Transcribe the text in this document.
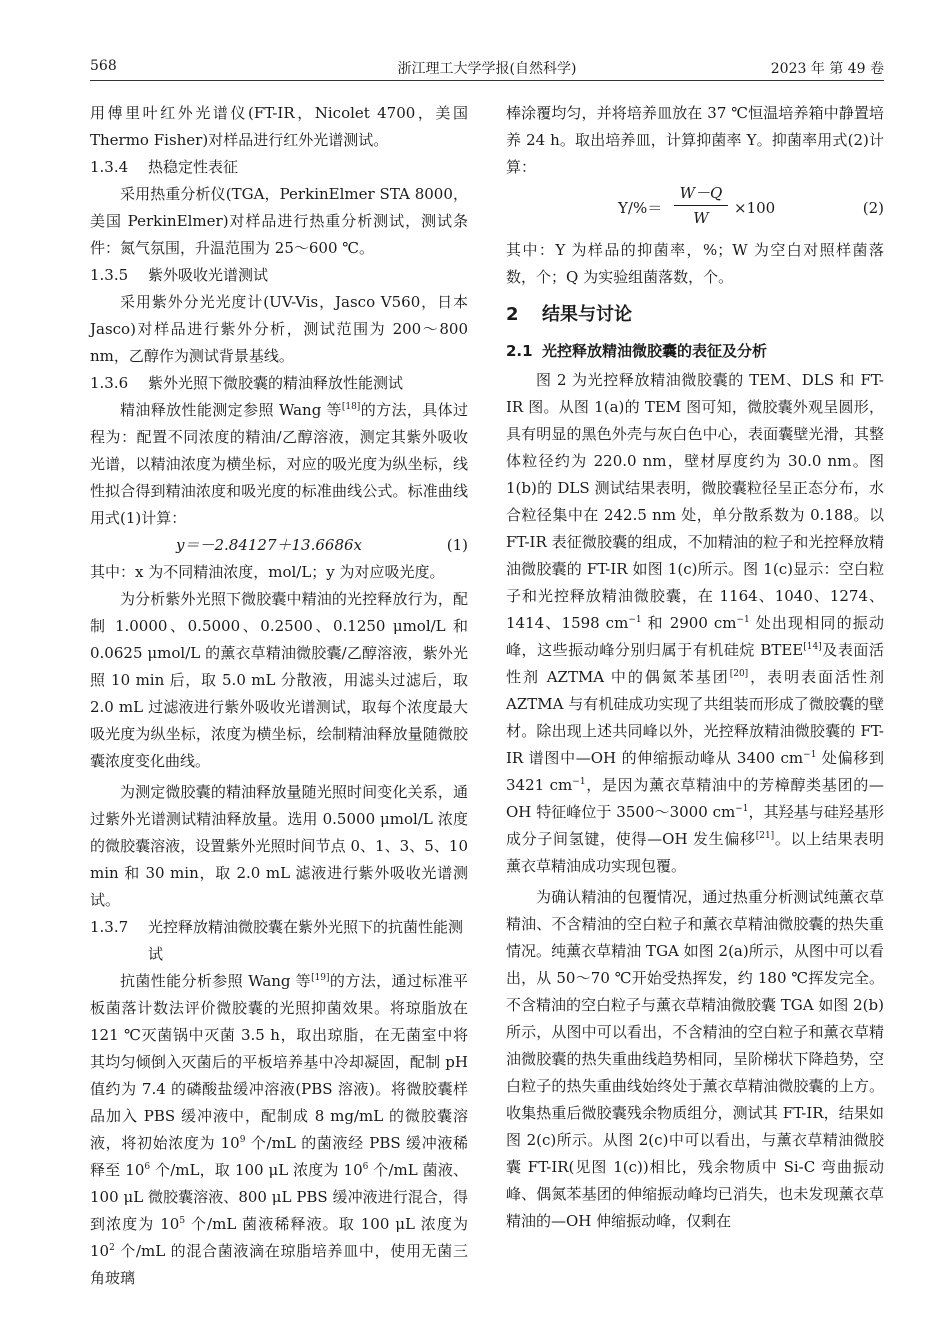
568	浙江理工大学学报(自然科学)	2023 年 第 49 卷

用傅里叶红外光谱仪(FT-IR，Nicolet 4700，美国 Thermo Fisher)对样品进行红外光谱测试。

1.3.4 热稳定性表征

采用热重分析仪(TGA，PerkinElmer STA 8000，美国 PerkinElmer)对样品进行热重分析测试，测试条件：氮气氛围，升温范围为 25～600 ℃。

1.3.5 紫外吸收光谱测试

采用紫外分光光度计(UV-Vis，Jasco V560，日本 Jasco)对样品进行紫外分析，测试范围为 200～800 nm，乙醇作为测试背景基线。

1.3.6 紫外光照下微胶囊的精油释放性能测试

精油释放性能测定参照 Wang 等[18]的方法，具体过程为：配置不同浓度的精油/乙醇溶液，测定其紫外吸收光谱，以精油浓度为横坐标，对应的吸光度为纵坐标，线性拟合得到精油浓度和吸光度的标准曲线公式。标准曲线用式(1)计算：

y＝－2.84127＋13.6686x	(1)

其中：x 为不同精油浓度，mol/L；y 为对应吸光度。

为分析紫外光照下微胶囊中精油的光控释放行为，配制 1.0000、0.5000、0.2500、0.1250 μmol/L 和 0.0625 μmol/L 的薰衣草精油微胶囊/乙醇溶液，紫外光照 10 min 后，取 5.0 mL 分散液，用滤头过滤后，取 2.0 mL 过滤液进行紫外吸收光谱测试，取每个浓度最大吸光度为纵坐标，浓度为横坐标，绘制精油释放量随微胶囊浓度变化曲线。

为测定微胶囊的精油释放量随光照时间变化关系，通过紫外光谱测试精油释放量。选用 0.5000 μmol/L 浓度的微胶囊溶液，设置紫外光照时间节点 0、1、3、5、10 min 和 30 min，取 2.0 mL 滤液进行紫外吸收光谱测试。

1.3.7	光控释放精油微胶囊在紫外光照下的抗菌性能测试

抗菌性能分析参照 Wang 等[19]的方法，通过标准平板菌落计数法评价微胶囊的光照抑菌效果。将琼脂放在 121 ℃灭菌锅中灭菌 3.5 h，取出琼脂，在无菌室中将其均匀倾倒入灭菌后的平板培养基中冷却凝固，配制 pH 值约为 7.4 的磷酸盐缓冲溶液(PBS 溶液)。将微胶囊样品加入 PBS 缓冲液中，配制成 8 mg/mL 的微胶囊溶液，将初始浓度为 $10^9$ 个/mL 的菌液经 PBS 缓冲液稀释至 $10^6$ 个/mL，取 100 μL 浓度为 $10^6$ 个/mL 菌液、100 μL 微胶囊溶液、800 μL PBS 缓冲液进行混合，得到浓度为 $10^5$ 个/mL 菌液稀释液。取 100 μL 浓度为 $10^2$ 个/mL 的混合菌液滴在琼脂培养皿中，使用无菌三角玻璃

棒涂覆均匀，并将培养皿放在 37 ℃恒温培养箱中静置培养 24 h。取出培养皿，计算抑菌率 Y。抑菌率用式(2)计算：

$Y/\%= \frac{W-Q}{W} \times 100$	(2)

其中：Y 为样品的抑菌率，%；W 为空白对照样菌落数，个；Q 为实验组菌落数，个。

2 结果与讨论
2.1 光控释放精油微胶囊的表征及分析

图 2 为光控释放精油微胶囊的 TEM、DLS 和 FT-IR 图。从图 1(a)的 TEM 图可知，微胶囊外观呈圆形，具有明显的黑色外壳与灰白色中心，表面囊壁光滑，其整体粒径约为 220.0 nm，壁材厚度约为 30.0 nm。图 1(b)的 DLS 测试结果表明，微胶囊粒径呈正态分布，水合粒径集中在 242.5 nm 处，单分散系数为 0.188。以 FT-IR 表征微胶囊的组成，不加精油的粒子和光控释放精油微胶囊的 FT-IR 如图 1(c)所示。图 1(c)显示：空白粒子和光控释放精油微胶囊，在 1164、1040、1274、1414、1598 $cm^{-1}$ 和 2900 $cm^{-1}$ 处出现相同的振动峰，这些振动峰分别归属于有机硅烷 BTEE[14]及表面活性剂 AZTMA 中的偶氮苯基团[20]，表明表面活性剂 AZTMA 与有机硅成功实现了共组装而形成了微胶囊的壁材。除出现上述共同峰以外，光控释放精油微胶囊的 FT-IR 谱图中—OH 的伸缩振动峰从 3400 $cm^{-1}$ 处偏移到 3421 $cm^{-1}$，是因为薰衣草精油中的芳樟醇类基团的—OH 特征峰位于 3500～3000 $cm^{-1}$，其羟基与硅羟基形成分子间氢键，使得—OH 发生偏移[21]。以上结果表明薰衣草精油成功实现包覆。

为确认精油的包覆情况，通过热重分析测试纯薰衣草精油、不含精油的空白粒子和薰衣草精油微胶囊的热失重情况。纯薰衣草精油 TGA 如图 2(a)所示，从图中可以看出，从 50～70 ℃开始受热挥发，约 180 ℃挥发完全。不含精油的空白粒子与薰衣草精油微胶囊 TGA 如图 2(b)所示，从图中可以看出，不含精油的空白粒子和薰衣草精油微胶囊的热失重曲线趋势相同，呈阶梯状下降趋势，空白粒子的热失重曲线始终处于薰衣草精油微胶囊的上方。收集热重后微胶囊残余物质组分，测试其 FT-IR，结果如图 2(c)所示。从图 2(c)中可以看出，与薰衣草精油微胶囊 FT-IR(见图 1(c))相比，残余物质中 Si-C 弯曲振动峰、偶氮苯基团的伸缩振动峰均已消失，也未发现薰衣草精油的—OH 伸缩振动峰，仅剩在
